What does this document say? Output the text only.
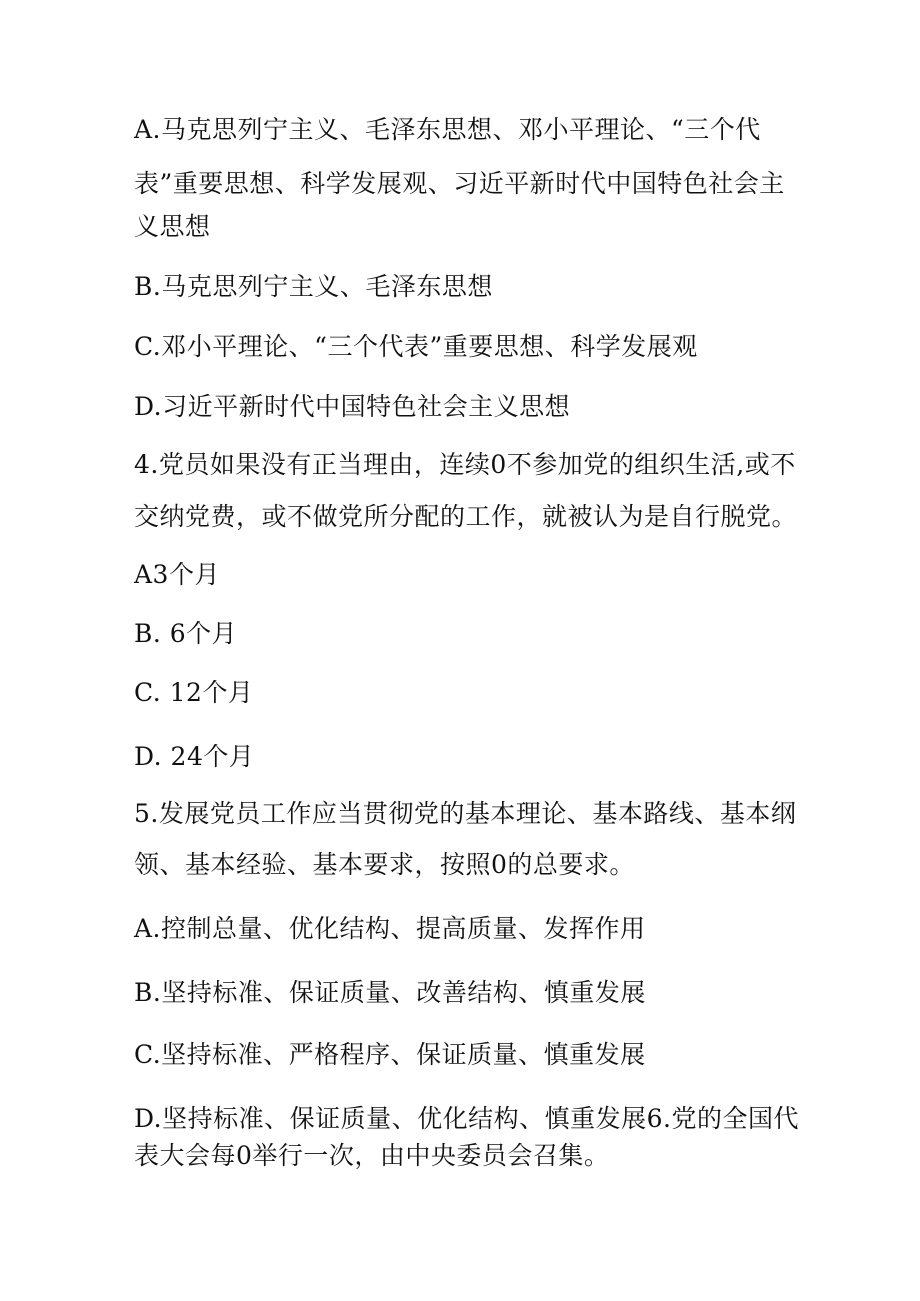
A.马克思列宁主义、毛泽东思想、邓小平理论、“三个代
表”重要思想、科学发展观、习近平新时代中国特色社会主
义思想
B.马克思列宁主义、毛泽东思想
C.邓小平理论、“三个代表”重要思想、科学发展观
D.习近平新时代中国特色社会主义思想
4.党员如果没有正当理由，连续0不参加党的组织生活,或不
交纳党费，或不做党所分配的工作，就被认为是自行脱党。
A3个月
B. 6个月
C. 12个月
D. 24个月
5.发展党员工作应当贯彻党的基本理论、基本路线、基本纲
领、基本经验、基本要求，按照0的总要求。
A.控制总量、优化结构、提高质量、发挥作用
B.坚持标准、保证质量、改善结构、慎重发展
C.坚持标准、严格程序、保证质量、慎重发展
D.坚持标准、保证质量、优化结构、慎重发展6.党的全国代
表大会每0举行一次，由中央委员会召集。
